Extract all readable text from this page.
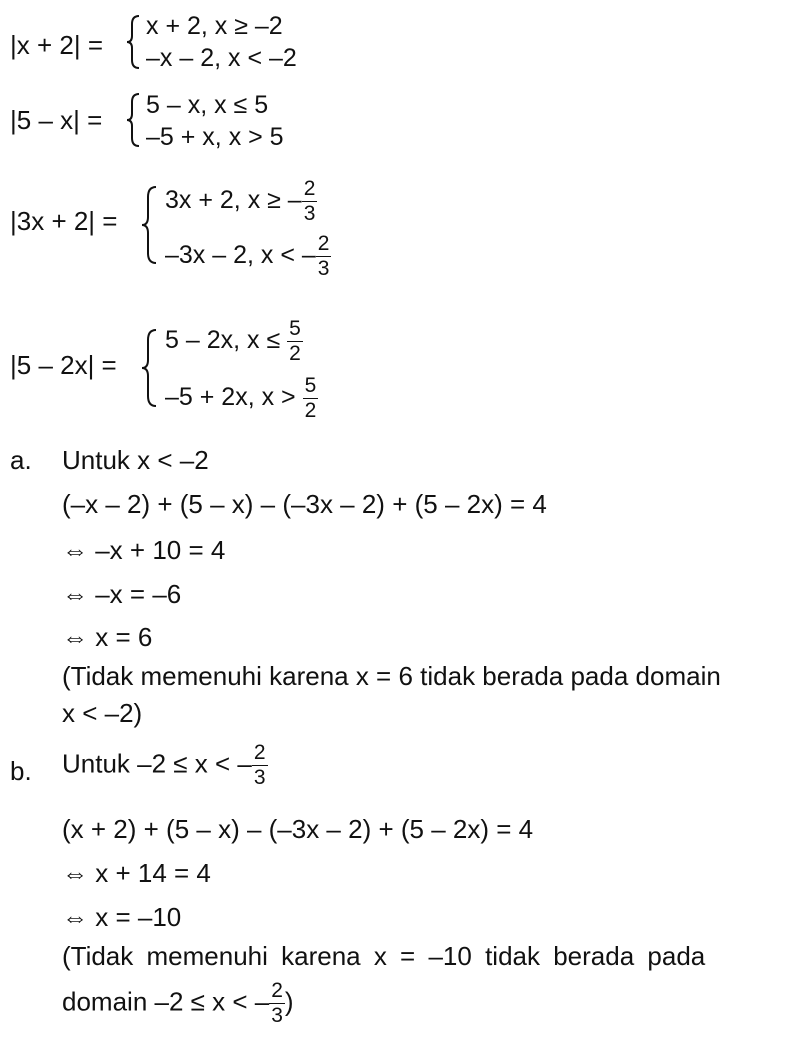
|x + 2| =
x + 2, x ≥ –2
–x – 2, x < –2
|5 – x| = 5 – x, x ≤ 5
–5 + x, x > 5
|3x + 2| =
3x + 2, x ≥ – $\frac{2}{3}$
–3x – 2, x < – $\frac{2}{3}$
|5 – 2x| =
5 – 2x, $x \le \frac{5}{2}$
–5 + 2x, $x > \frac{5}{2}$
a. Untuk x < –2
(–x – 2) + (5 – x) – (–3x – 2) + (5 – 2x) = 4
⇔ –x + 10 = 4
⇔ –x = –6
⇔ x = 6
(Tidak memenuhi karena x = 6 tidak berada pada domain
x < –2)
b. Untuk –2 ≤ x < – $\frac{2}{3}$
(x + 2) + (5 – x) – (–3x – 2) + (5 – 2x) = 4
⇔ x + 14 = 4
⇔ x = –10
(Tidak memenuhi karena x = –10 tidak berada pada
domain –2 ≤ x < – $\frac{2}{3}$ )
